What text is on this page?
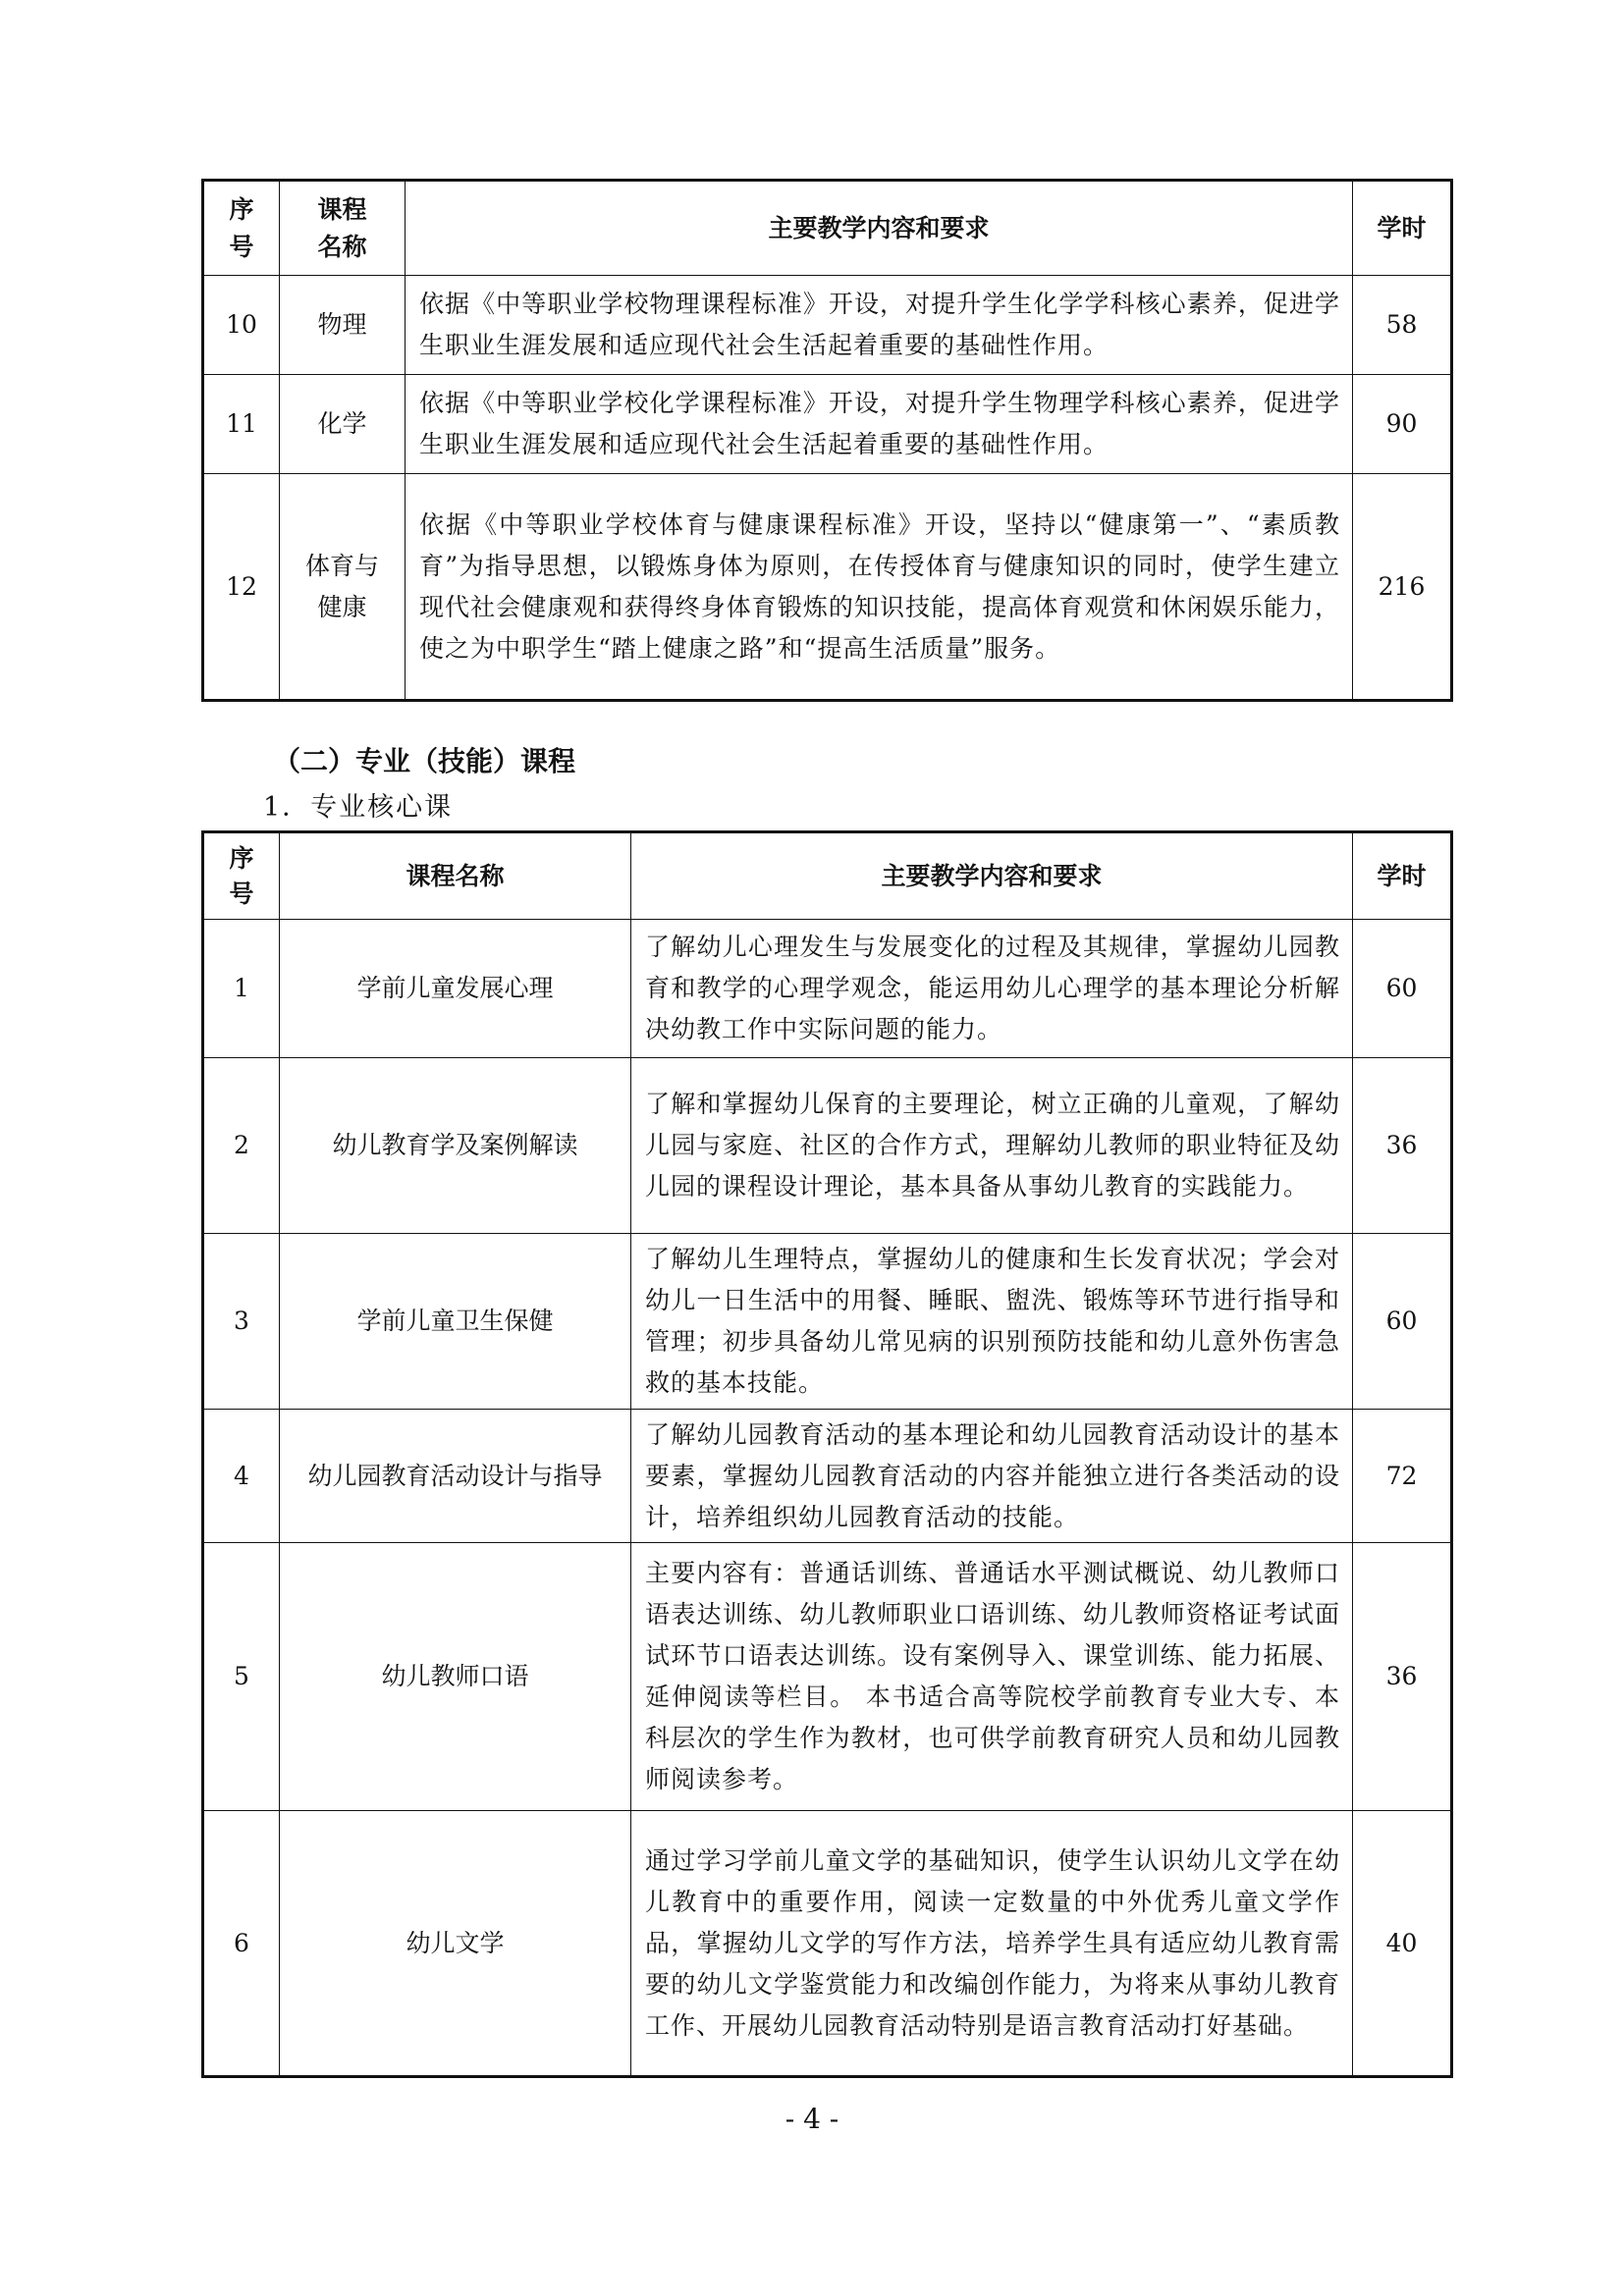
序号	课程名称	主要教学内容和要求	学时
10	物理	依据《中等职业学校物理课程标准》开设，对提升学生化学学科核心素养，促进学生职业生涯发展和适应现代社会生活起着重要的基础性作用。	58
11	化学	依据《中等职业学校化学课程标准》开设，对提升学生物理学科核心素养，促进学生职业生涯发展和适应现代社会生活起着重要的基础性作用。	90
12	体育与健康	依据《中等职业学校体育与健康课程标准》开设，坚持以“健康第一”、“素质教育”为指导思想，以锻炼身体为原则，在传授体育与健康知识的同时，使学生建立现代社会健康观和获得终身体育锻炼的知识技能，提高体育观赏和休闲娱乐能力，使之为中职学生“踏上健康之路”和“提高生活质量”服务。	216
（二）专业（技能）课程
1．专业核心课
序号	课程名称	主要教学内容和要求	学时
1	学前儿童发展心理	了解幼儿心理发生与发展变化的过程及其规律，掌握幼儿园教育和教学的心理学观念，能运用幼儿心理学的基本理论分析解决幼教工作中实际问题的能力。	60
2	幼儿教育学及案例解读	了解和掌握幼儿保育的主要理论，树立正确的儿童观，了解幼儿园与家庭、社区的合作方式，理解幼儿教师的职业特征及幼儿园的课程设计理论，基本具备从事幼儿教育的实践能力。	36
3	学前儿童卫生保健	了解幼儿生理特点，掌握幼儿的健康和生长发育状况；学会对幼儿一日生活中的用餐、睡眠、盥洗、锻炼等环节进行指导和管理；初步具备幼儿常见病的识别预防技能和幼儿意外伤害急救的基本技能。	60
4	幼儿园教育活动设计与指导	了解幼儿园教育活动的基本理论和幼儿园教育活动设计的基本要素，掌握幼儿园教育活动的内容并能独立进行各类活动的设计，培养组织幼儿园教育活动的技能。	72
5	幼儿教师口语	主要内容有：普通话训练、普通话水平测试概说、幼儿教师口语表达训练、幼儿教师职业口语训练、幼儿教师资格证考试面试环节口语表达训练。设有案例导入、课堂训练、能力拓展、延伸阅读等栏目。 本书适合高等院校学前教育专业大专、本科层次的学生作为教材，也可供学前教育研究人员和幼儿园教师阅读参考。	36
6	幼儿文学	通过学习学前儿童文学的基础知识，使学生认识幼儿文学在幼儿教育中的重要作用，阅读一定数量的中外优秀儿童文学作品，掌握幼儿文学的写作方法，培养学生具有适应幼儿教育需要的幼儿文学鉴赏能力和改编创作能力，为将来从事幼儿教育工作、开展幼儿园教育活动特别是语言教育活动打好基础。	40
- 4 -
